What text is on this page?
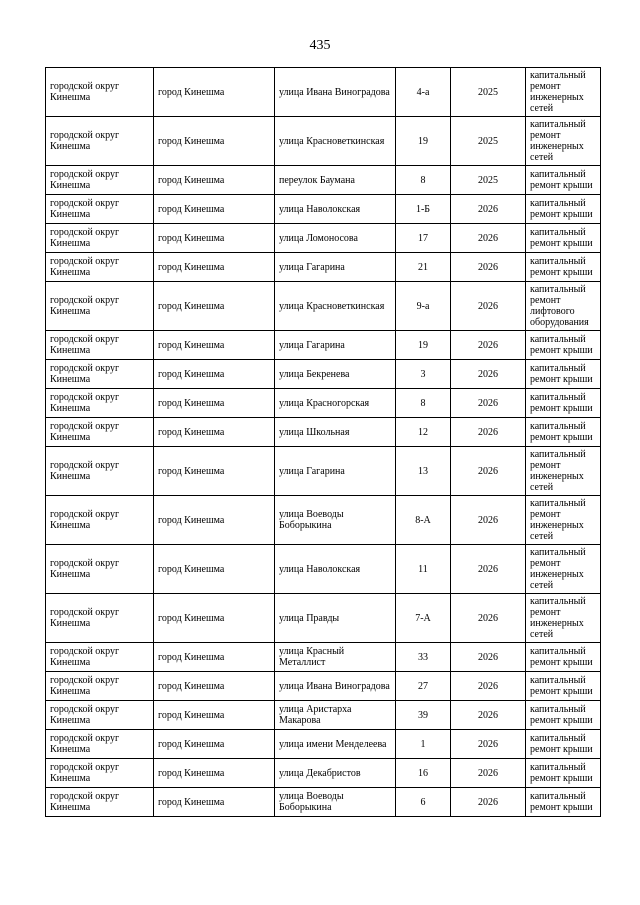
435
городской округ Кинешма	город Кинешма	улица Ивана Виноградова	4-а	2025	капитальный ремонт инженерных сетей
городской округ Кинешма	город Кинешма	улица Красноветкинская	19	2025	капитальный ремонт инженерных сетей
городской округ Кинешма	город Кинешма	переулок Баумана	8	2025	капитальный ремонт крыши
городской округ Кинешма	город Кинешма	улица Наволокская	1-Б	2026	капитальный ремонт крыши
городской округ Кинешма	город Кинешма	улица Ломоносова	17	2026	капитальный ремонт крыши
городской округ Кинешма	город Кинешма	улица Гагарина	21	2026	капитальный ремонт крыши
городской округ Кинешма	город Кинешма	улица Красноветкинская	9-а	2026	капитальный ремонт лифтового оборудования
городской округ Кинешма	город Кинешма	улица Гагарина	19	2026	капитальный ремонт крыши
городской округ Кинешма	город Кинешма	улица Бекренева	3	2026	капитальный ремонт крыши
городской округ Кинешма	город Кинешма	улица Красногорская	8	2026	капитальный ремонт крыши
городской округ Кинешма	город Кинешма	улица Школьная	12	2026	капитальный ремонт крыши
городской округ Кинешма	город Кинешма	улица Гагарина	13	2026	капитальный ремонт инженерных сетей
городской округ Кинешма	город Кинешма	улица Воеводы Боборыкина	8-А	2026	капитальный ремонт инженерных сетей
городской округ Кинешма	город Кинешма	улица Наволокская	11	2026	капитальный ремонт инженерных сетей
городской округ Кинешма	город Кинешма	улица Правды	7-А	2026	капитальный ремонт инженерных сетей
городской округ Кинешма	город Кинешма	улица Красный Металлист	33	2026	капитальный ремонт крыши
городской округ Кинешма	город Кинешма	улица Ивана Виноградова	27	2026	капитальный ремонт крыши
городской округ Кинешма	город Кинешма	улица Аристарха Макарова	39	2026	капитальный ремонт крыши
городской округ Кинешма	город Кинешма	улица имени Менделеева	1	2026	капитальный ремонт крыши
городской округ Кинешма	город Кинешма	улица Декабристов	16	2026	капитальный ремонт крыши
городской округ Кинешма	город Кинешма	улица Воеводы Боборыкина	6	2026	капитальный ремонт крыши
